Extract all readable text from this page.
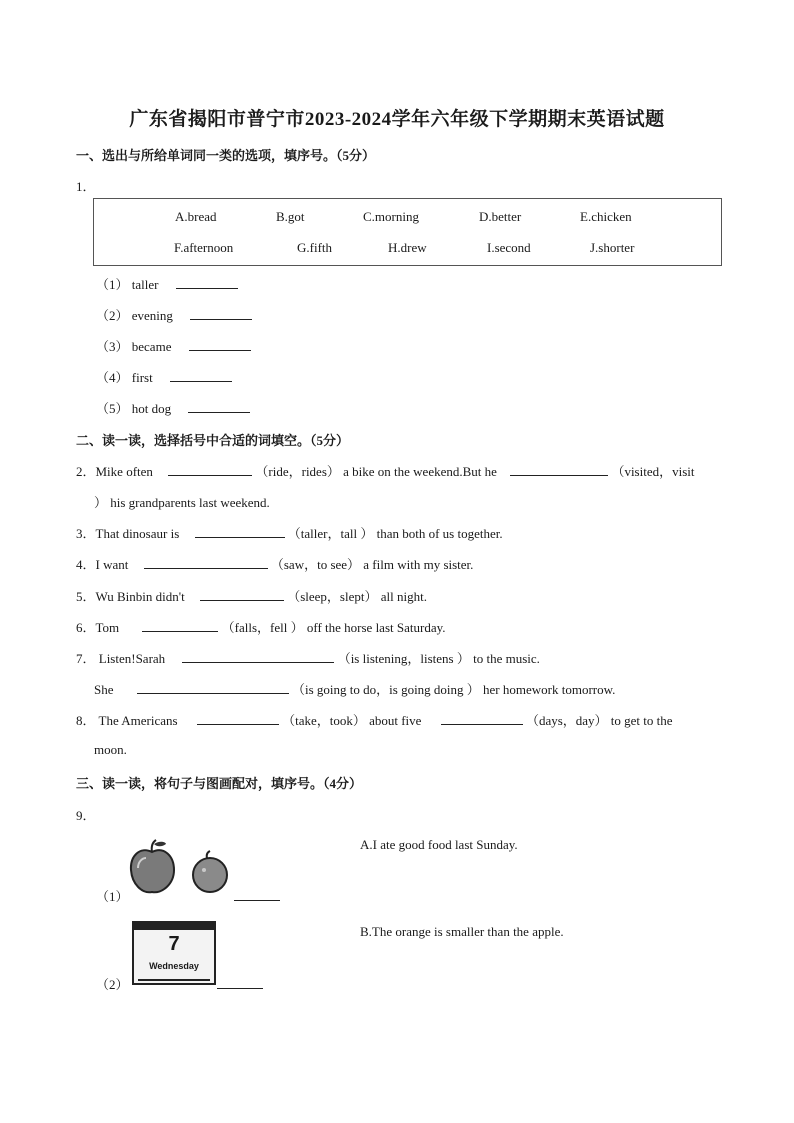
广东省揭阳市普宁市2023-2024学年六年级下学期期末英语试题
一、选出与所给单词同一类的选项，填序号。（5分）
1．
A.bread	B.got	C.morning	D.better	E.chicken
F.afternoon	G.fifth	H.drew	I.second	J.shorter
（1） taller
（2） evening
（3） became
（4） first
（5） hot dog
二、读一读，选择括号中合适的词填空。（5分）
2．Mike often	（ride，rides） a bike on the weekend.But he	（visited，visit
） his grandparents last weekend.
3．That dinosaur is	（taller，tall ） than both of us together.
4．I want	（saw，to see） a film with my sister.
5．Wu Binbin didn't	（sleep，slept） all night.
6．Tom	（falls，fell ） off the horse last Saturday.
7． Listen!Sarah	（is listening，listens ） to the music.
She	（is going to do，is going doing ） her homework tomorrow.
8． The Americans	（take，took） about five	（days，day） to get to the
moon.
三、读一读，将句子与图画配对，填序号。（4分）
9．
（1）
A.I ate good food last Sunday.
7
Wednesday
（2）
B.The orange is smaller than the apple.
